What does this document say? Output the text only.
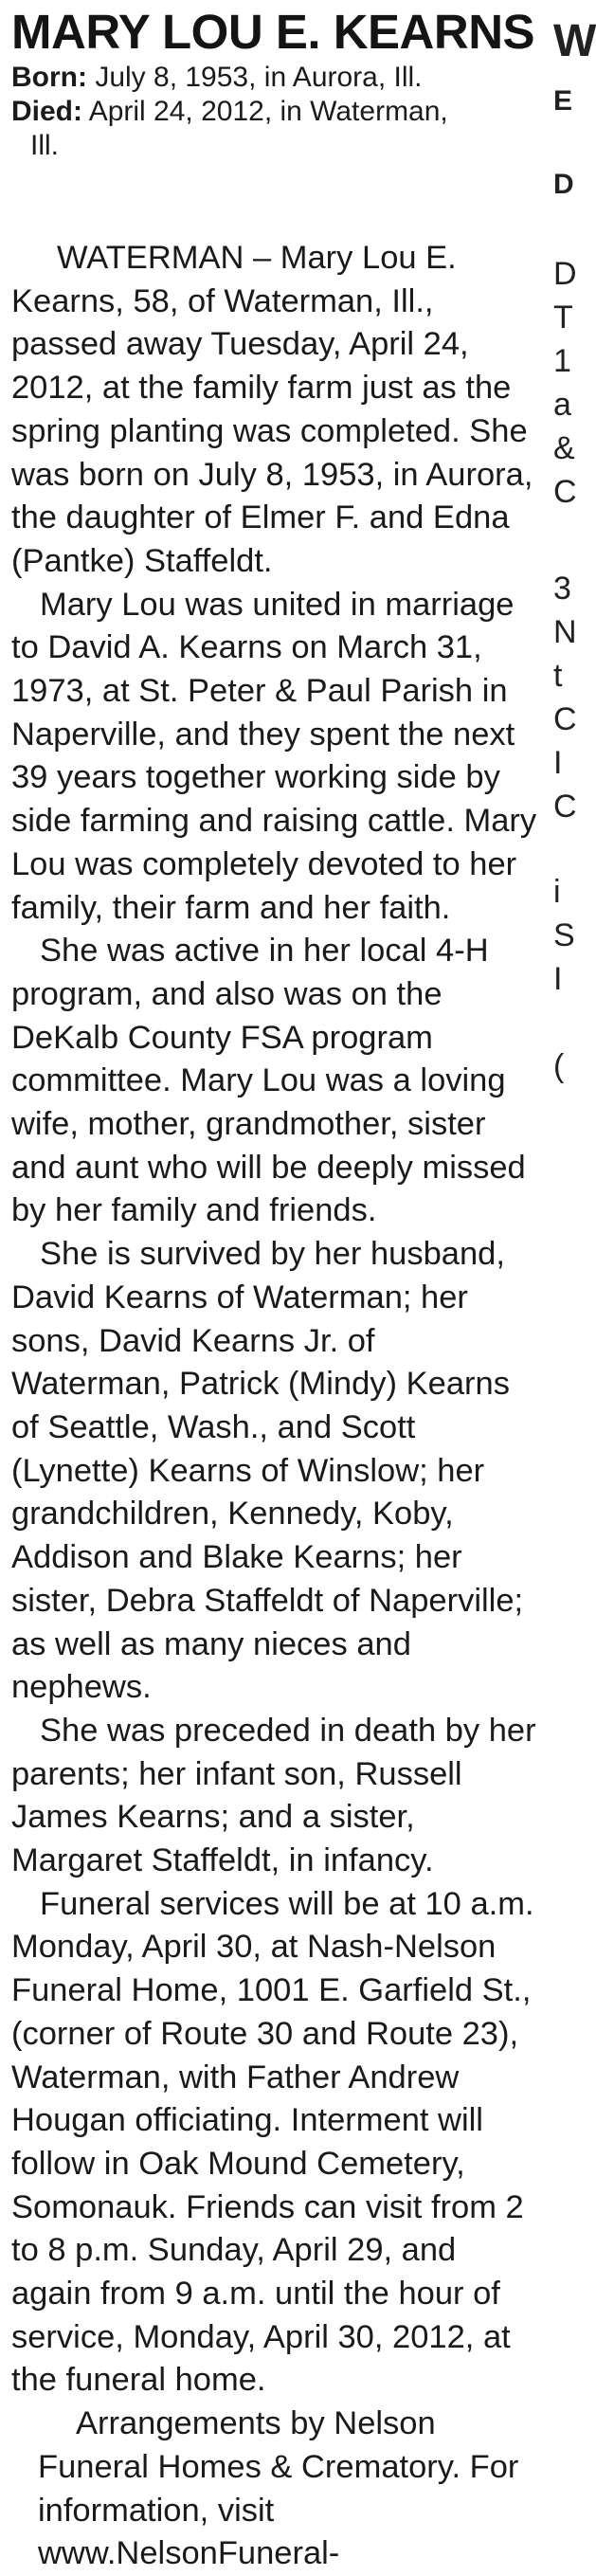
MARY LOU E. KEARNS

Born: July 8, 1953, in Aurora, Ill.

Died: April 24, 2012, in Waterman,

Ill.

WATERMAN – Mary Lou E. Kearns, 58, of Waterman, Ill., passed away Tuesday, April 24, 2012, at the family farm just as the spring planting was completed. She was born on July 8, 1953, in Aurora, the daughter of Elmer F. and Edna (Pantke) Staffeldt.

Mary Lou was united in marriage to David A. Kearns on March 31, 1973, at St. Peter & Paul Parish in Naperville, and they spent the next 39 years together working side by side farming and raising cattle. Mary Lou was completely devoted to her family, their farm and her faith.

She was active in her local 4-H program, and also was on the DeKalb County FSA program committee. Mary Lou was a loving wife, mother, grandmother, sister and aunt who will be deeply missed by her family and friends.

She is survived by her husband, David Kearns of Waterman; her sons, David Kearns Jr. of Waterman, Patrick (Mindy) Kearns of Seattle, Wash., and Scott (Lynette) Kearns of Winslow; her grandchildren, Kennedy, Koby, Addison and Blake Kearns; her sister, Debra Staffeldt of Naperville; as well as many nieces and nephews.

She was preceded in death by her parents; her infant son, Russell James Kearns; and a sister, Margaret Staffeldt, in infancy.

Funeral services will be at 10 a.m. Monday, April 30, at Nash-Nelson Funeral Home, 1001 E. Garfield St., (corner of Route 30 and Route 23), Waterman, with Father Andrew Hougan officiating. Interment will follow in Oak Mound Cemetery, Somonauk. Friends can visit from 2 to 8 p.m. Sunday, April 29, and again from 9 a.m. until the hour of service, Monday, April 30, 2012, at the funeral home.

Arrangements by Nelson Funeral Homes & Crematory. For information, visit www.NelsonFuneral-

W
E
D
D
T
1
a
&
C
3
N
t
C
I
C
i
S
I
(
